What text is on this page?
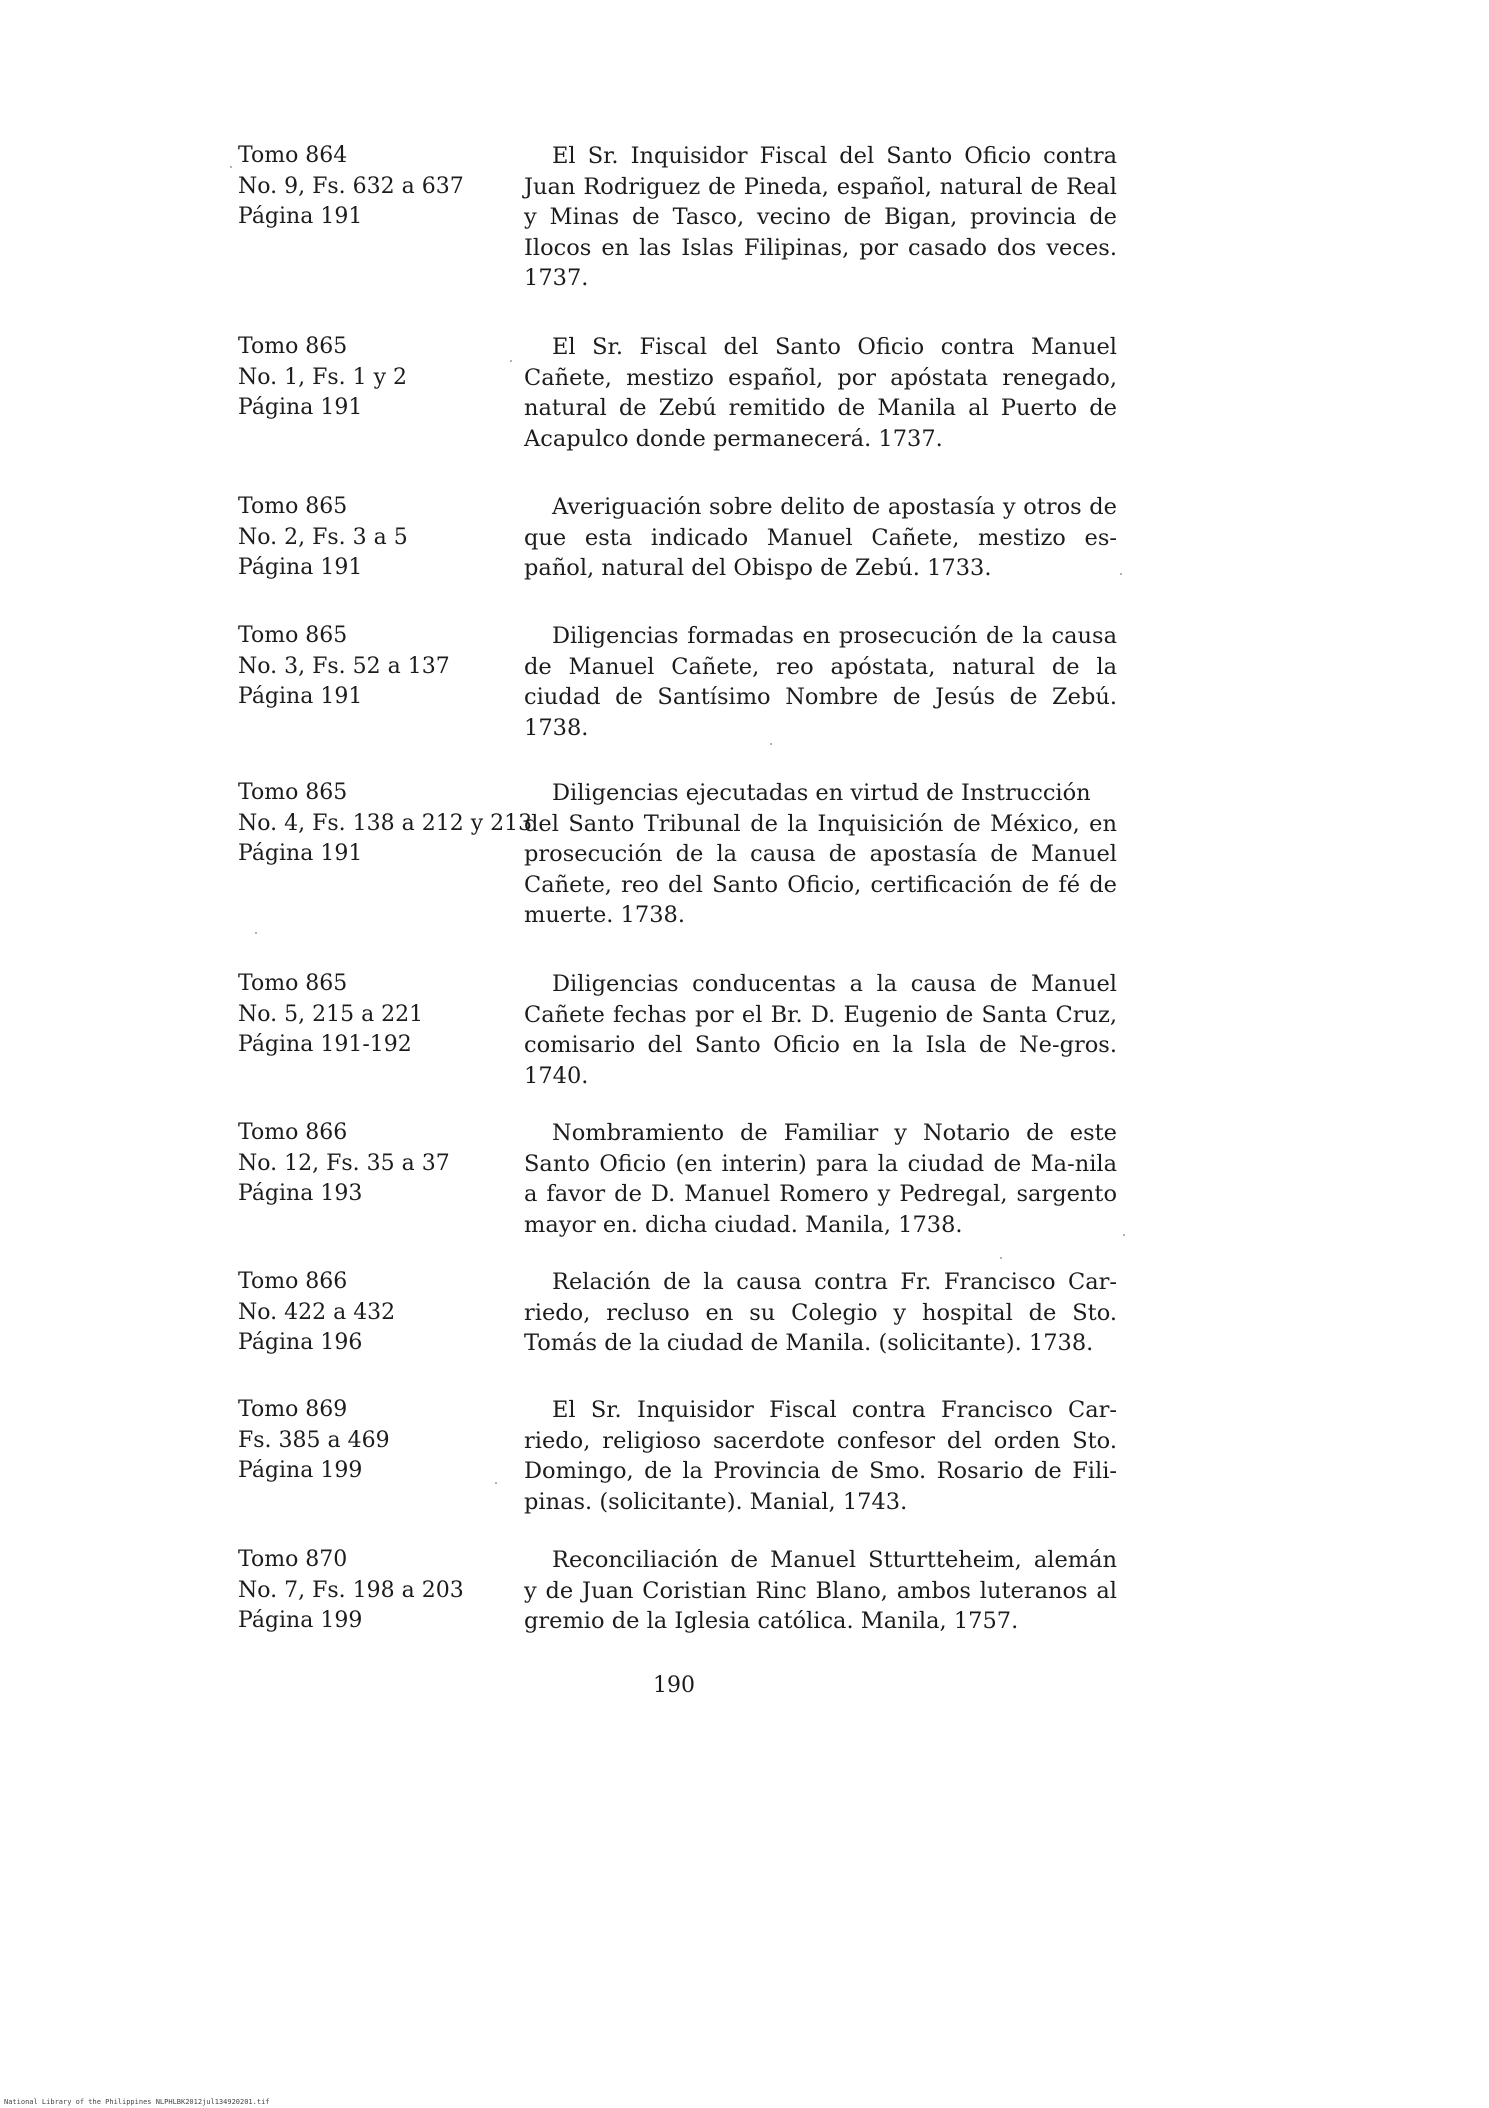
Tomo 864
No. 9, Fs. 632 a 637
Página 191
El Sr. Inquisidor Fiscal del Santo Oficio contra Juan Rodriguez de Pineda, español, natural de Real y Minas de Tasco, vecino de Bigan, provincia de Ilocos en las Islas Filipinas, por casado dos veces. 1737.
Tomo 865
No. 1, Fs. 1 y 2
Página 191
El Sr. Fiscal del Santo Oficio contra Manuel Cañete, mestizo español, por apóstata renegado, natural de Zebú remitido de Manila al Puerto de Acapulco donde permanecerá. 1737.
Tomo 865
No. 2, Fs. 3 a 5
Página 191
Averiguación sobre delito de apostasía y otros de que esta indicado Manuel Cañete, mestizo es-pañol, natural del Obispo de Zebú. 1733.
Tomo 865
No. 3, Fs. 52 a 137
Página 191
Diligencias formadas en prosecución de la causa de Manuel Cañete, reo apóstata, natural de la ciudad de Santísimo Nombre de Jesús de Zebú. 1738.
Tomo 865
No. 4, Fs. 138 a 212 y 213
Página 191
Diligencias ejecutadas en virtud de Instrucción
del Santo Tribunal de la Inquisición de México, en prosecución de la causa de apostasía de Manuel Cañete, reo del Santo Oficio, certificación de fé de muerte. 1738.
Tomo 865
No. 5, 215 a 221
Página 191-192
Diligencias conducentas a la causa de Manuel Cañete fechas por el Br. D. Eugenio de Santa Cruz, comisario del Santo Oficio en la Isla de Ne-gros. 1740.
Tomo 866
No. 12, Fs. 35 a 37
Página 193
Nombramiento de Familiar y Notario de este Santo Oficio (en interin) para la ciudad de Ma-nila a favor de D. Manuel Romero y Pedregal, sargento mayor en. dicha ciudad. Manila, 1738.
Tomo 866
No. 422 a 432
Página 196
Relación de la causa contra Fr. Francisco Car-riedo, recluso en su Colegio y hospital de Sto. Tomás de la ciudad de Manila. (solicitante). 1738.
Tomo 869
Fs. 385 a 469
Página 199
El Sr. Inquisidor Fiscal contra Francisco Car-riedo, religioso sacerdote confesor del orden Sto. Domingo, de la Provincia de Smo. Rosario de Fili-pinas. (solicitante). Manial, 1743.
Tomo 870
No. 7, Fs. 198 a 203
Página 199
Reconciliación de Manuel Stturtteheim, alemán y de Juan Coristian Rinc Blano, ambos luteranos al gremio de la Iglesia católica. Manila, 1757.
190
National Library of the Philippines NLPHLBK2012jul134920201.tif
